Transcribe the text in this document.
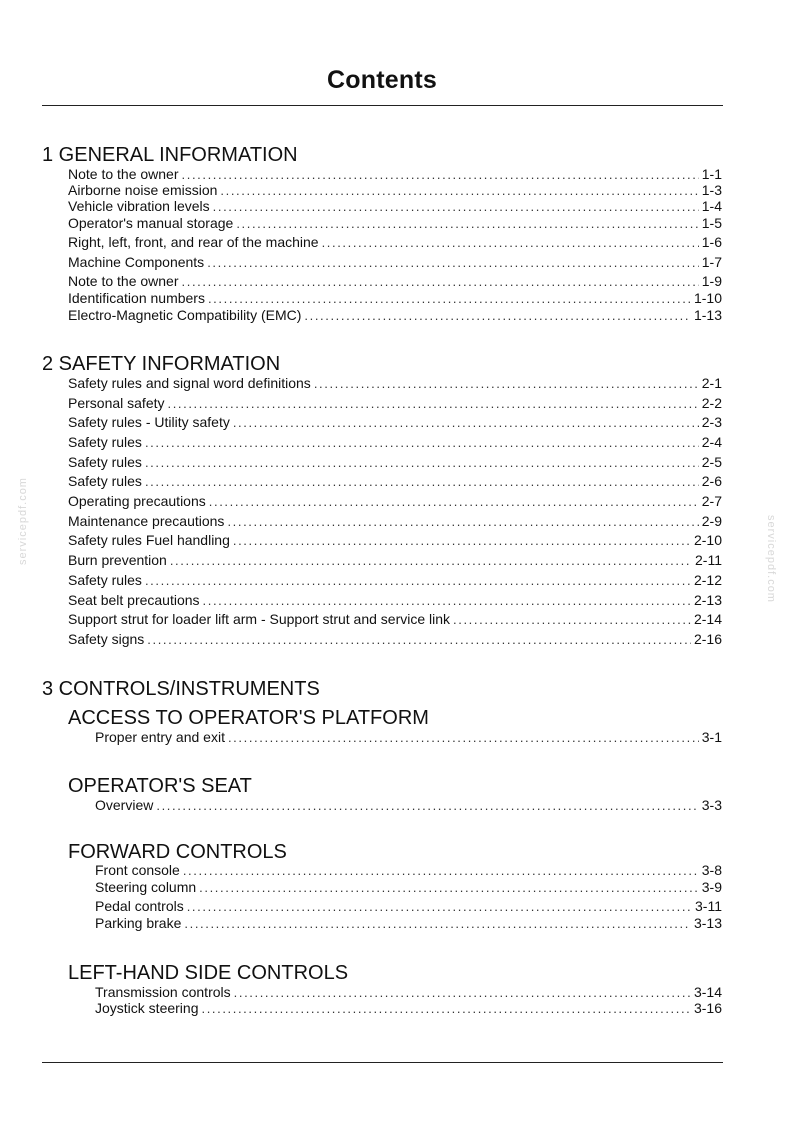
Contents
1 GENERAL INFORMATION
Note to the owner .....	1-1
Airborne noise emission .....	1-3
Vehicle vibration levels .....	1-4
Operator's manual storage .....	1-5
Right, left, front, and rear of the machine .....	1-6
Machine Components .....	1-7
Note to the owner .....	1-9
Identification numbers .....	1-10
Electro-Magnetic Compatibility (EMC) .....	1-13
2 SAFETY INFORMATION
Safety rules and signal word definitions .....	2-1
Personal safety .....	2-2
Safety rules - Utility safety .....	2-3
Safety rules .....	2-4
Safety rules .....	2-5
Safety rules .....	2-6
Operating precautions .....	2-7
Maintenance precautions .....	2-9
Safety rules Fuel handling .....	2-10
Burn prevention .....	2-11
Safety rules .....	2-12
Seat belt precautions .....	2-13
Support strut for loader lift arm - Support strut and service link .....	2-14
Safety signs .....	2-16
3 CONTROLS/INSTRUMENTS
ACCESS TO OPERATOR'S PLATFORM
Proper entry and exit .....	3-1
OPERATOR'S SEAT
Overview .....	3-3
FORWARD CONTROLS
Front console .....	3-8
Steering column .....	3-9
Pedal controls .....	3-11
Parking brake .....	3-13
LEFT-HAND SIDE CONTROLS
Transmission controls .....	3-14
Joystick steering .....	3-16
servicepdf.com	servicepdf.com
